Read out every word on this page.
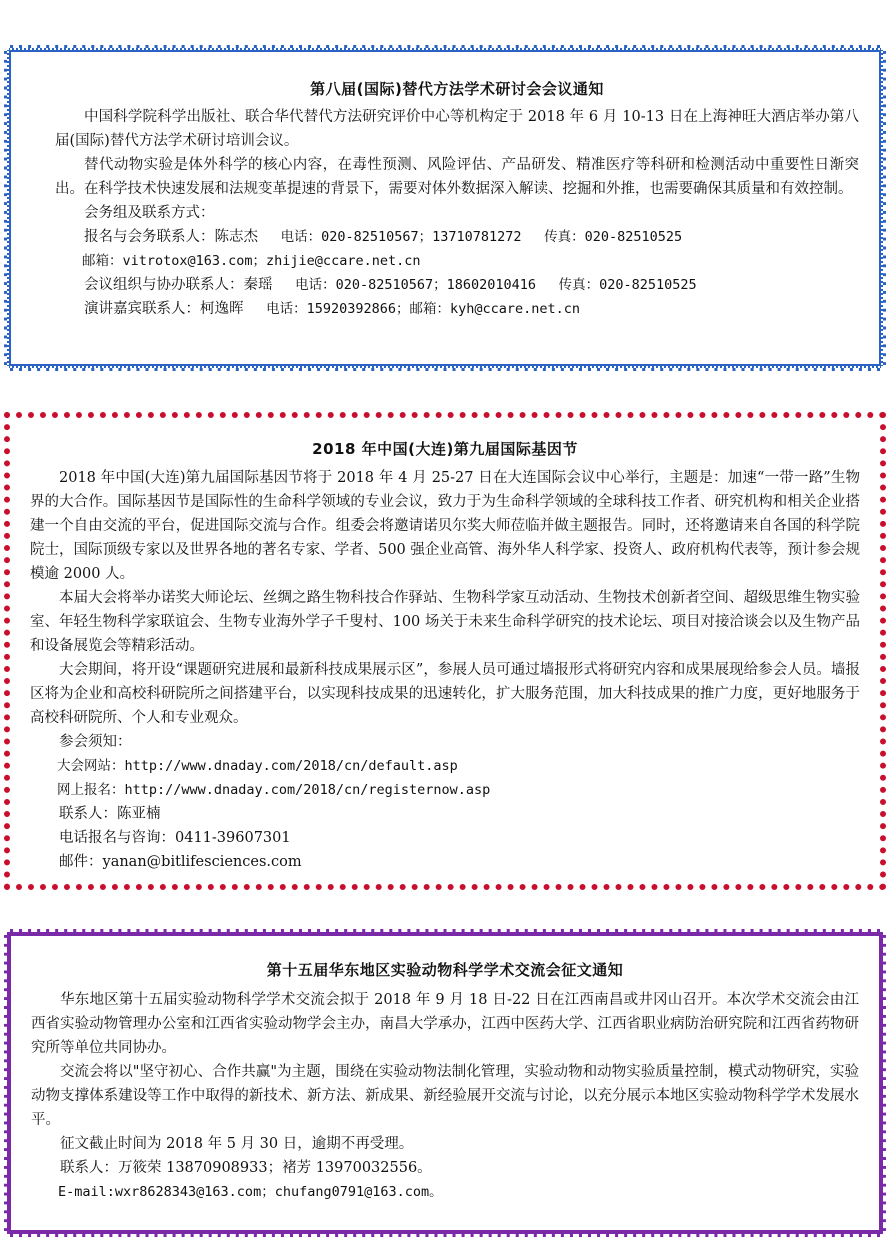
第八届(国际)替代方法学术研讨会会议通知

中国科学院科学出版社、联合华代替代方法研究评价中心等机构定于 2018 年 6 月 10-13 日在上海神旺大酒店举办第八届(国际)替代方法学术研讨培训会议。

替代动物实验是体外科学的核心内容，在毒性预测、风险评估、产品研发、精准医疗等科研和检测活动中重要性日渐突出。在科学技术快速发展和法规变革提速的背景下，需要对体外数据深入解读、挖掘和外推，也需要确保其质量和有效控制。

会务组及联系方式：
报名与会务联系人：陈志杰 电话：020-82510567；13710781272 传真：020-82510525
邮箱：vitrotox@163.com；zhijie@ccare.net.cn
会议组织与协办联系人：秦瑶 电话：020-82510567；18602010416 传真：020-82510525
演讲嘉宾联系人：柯逸晖 电话：15920392866；邮箱：kyh@ccare.net.cn
2018 年中国(大连)第九届国际基因节

2018 年中国(大连)第九届国际基因节将于 2018 年 4 月 25-27 日在大连国际会议中心举行，主题是：加速“一带一路”生物界的大合作。国际基因节是国际性的生命科学领域的专业会议，致力于为生命科学领域的全球科技工作者、研究机构和相关企业搭建一个自由交流的平台，促进国际交流与合作。组委会将邀请诺贝尔奖大师莅临并做主题报告。同时，还将邀请来自各国的科学院院士，国际顶级专家以及世界各地的著名专家、学者、500 强企业高管、海外华人科学家、投资人、政府机构代表等，预计参会规模逾 2000 人。

本届大会将举办诺奖大师论坛、丝绸之路生物科技合作驿站、生物科学家互动活动、生物技术创新者空间、超级思维生物实验室、年轻生物科学家联谊会、生物专业海外学子千叟村、100 场关于未来生命科学研究的技术论坛、项目对接洽谈会以及生物产品和设备展览会等精彩活动。

大会期间，将开设“课题研究进展和最新科技成果展示区”，参展人员可通过墙报形式将研究内容和成果展现给参会人员。墙报区将为企业和高校科研院所之间搭建平台，以实现科技成果的迅速转化，扩大服务范围，加大科技成果的推广力度，更好地服务于高校科研院所、个人和专业观众。

参会须知：
大会网站：http://www.dnaday.com/2018/cn/default.asp
网上报名：http://www.dnaday.com/2018/cn/registernow.asp
联系人：陈亚楠
电话报名与咨询：0411-39607301
邮件：yanan@bitlifesciences.com
第十五届华东地区实验动物科学学术交流会征文通知

华东地区第十五届实验动物科学学术交流会拟于 2018 年 9 月 18 日-22 日在江西南昌或井冈山召开。本次学术交流会由江西省实验动物管理办公室和江西省实验动物学会主办，南昌大学承办，江西中医药大学、江西省职业病防治研究院和江西省药物研究所等单位共同协办。

交流会将以"坚守初心、合作共赢"为主题，围绕在实验动物法制化管理，实验动物和动物实验质量控制，模式动物研究，实验动物支撑体系建设等工作中取得的新技术、新方法、新成果、新经验展开交流与讨论，以充分展示本地区实验动物科学学术发展水平。

征文截止时间为 2018 年 5 月 30 日，逾期不再受理。
联系人：万筱荣 13870908933；褚芳 13970032556。
E-mail:wxr8628343@163.com；chufang0791@163.com。
